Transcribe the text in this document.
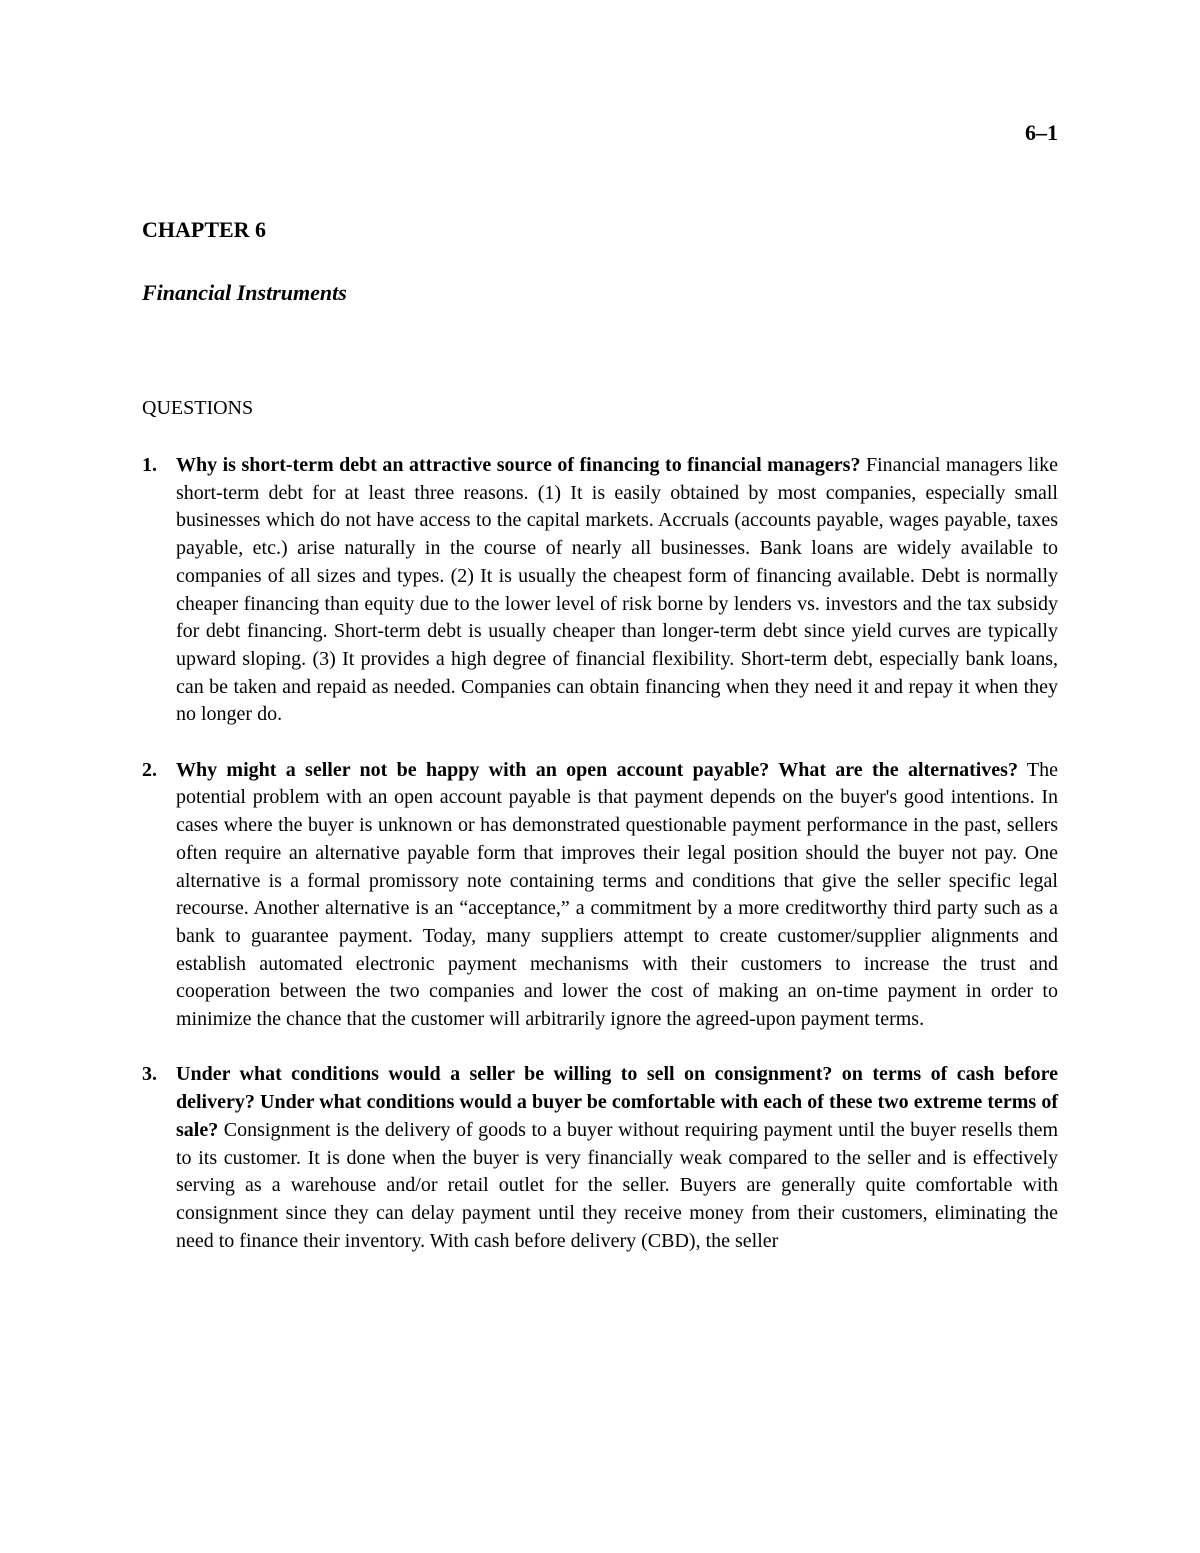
6–1
CHAPTER 6
Financial Instruments
QUESTIONS
1. Why is short-term debt an attractive source of financing to financial managers? Financial managers like short-term debt for at least three reasons. (1) It is easily obtained by most companies, especially small businesses which do not have access to the capital markets. Accruals (accounts payable, wages payable, taxes payable, etc.) arise naturally in the course of nearly all businesses. Bank loans are widely available to companies of all sizes and types. (2) It is usually the cheapest form of financing available. Debt is normally cheaper financing than equity due to the lower level of risk borne by lenders vs. investors and the tax subsidy for debt financing. Short-term debt is usually cheaper than longer-term debt since yield curves are typically upward sloping. (3) It provides a high degree of financial flexibility. Short-term debt, especially bank loans, can be taken and repaid as needed. Companies can obtain financing when they need it and repay it when they no longer do.
2. Why might a seller not be happy with an open account payable? What are the alternatives? The potential problem with an open account payable is that payment depends on the buyer's good intentions. In cases where the buyer is unknown or has demonstrated questionable payment performance in the past, sellers often require an alternative payable form that improves their legal position should the buyer not pay. One alternative is a formal promissory note containing terms and conditions that give the seller specific legal recourse. Another alternative is an “acceptance,” a commitment by a more creditworthy third party such as a bank to guarantee payment. Today, many suppliers attempt to create customer/supplier alignments and establish automated electronic payment mechanisms with their customers to increase the trust and cooperation between the two companies and lower the cost of making an on-time payment in order to minimize the chance that the customer will arbitrarily ignore the agreed-upon payment terms.
3. Under what conditions would a seller be willing to sell on consignment? on terms of cash before delivery? Under what conditions would a buyer be comfortable with each of these two extreme terms of sale? Consignment is the delivery of goods to a buyer without requiring payment until the buyer resells them to its customer. It is done when the buyer is very financially weak compared to the seller and is effectively serving as a warehouse and/or retail outlet for the seller. Buyers are generally quite comfortable with consignment since they can delay payment until they receive money from their customers, eliminating the need to finance their inventory. With cash before delivery (CBD), the seller
